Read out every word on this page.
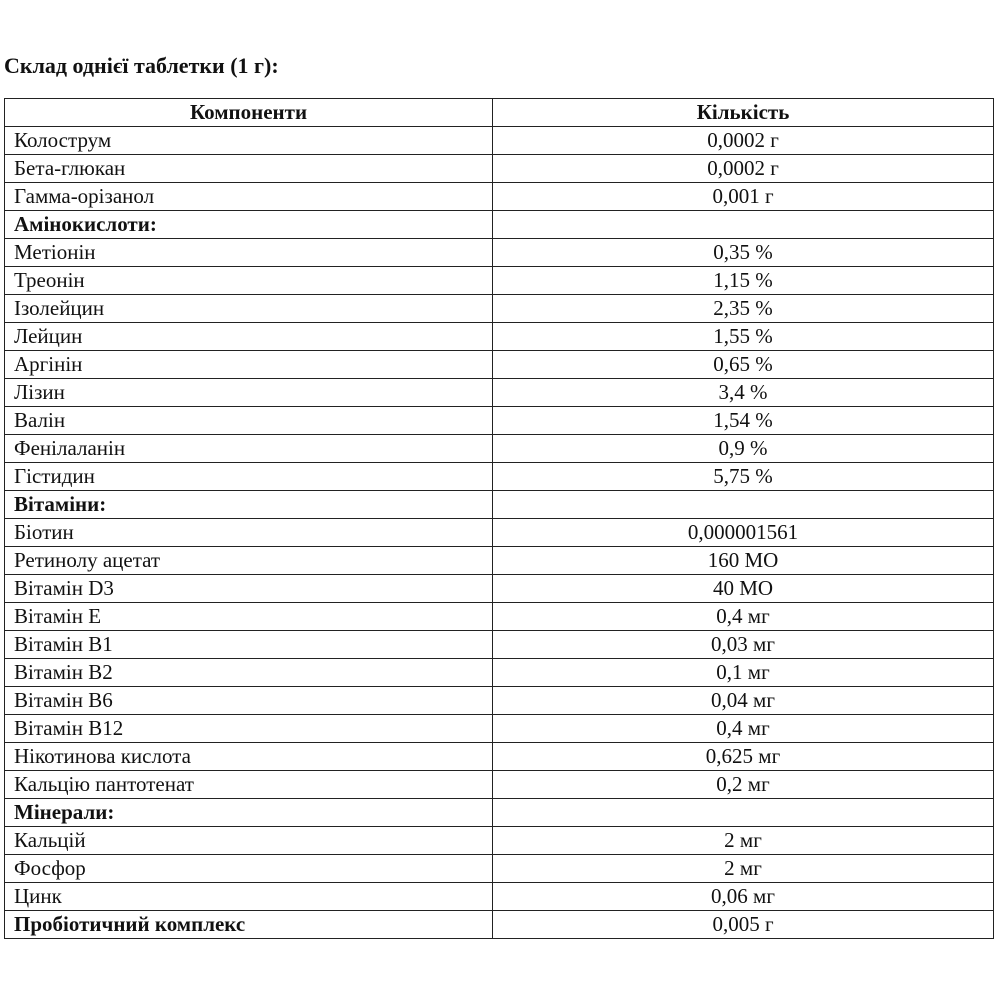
Склад однієї таблетки (1 г):
Компоненти	Кількість
Колострум	0,0002 г
Бета-глюкан	0,0002 г
Гамма-орізанол	0,001 г
Амінокислоти:	
Метіонін	0,35 %
Треонін	1,15 %
Ізолейцин	2,35 %
Лейцин	1,55 %
Аргінін	0,65 %
Лізин	3,4 %
Валін	1,54 %
Фенілаланін	0,9 %
Гістидин	5,75 %
Вітаміни:	
Біотин	0,000001561
Ретинолу ацетат	160 МО
Вітамін D3	40 МО
Вітамін Е	0,4 мг
Вітамін В1	0,03 мг
Вітамін В2	0,1 мг
Вітамін В6	0,04 мг
Вітамін В12	0,4 мг
Нікотинова кислота	0,625 мг
Кальцію пантотенат	0,2 мг
Мінерали:	
Кальцій	2 мг
Фосфор	2 мг
Цинк	0,06 мг
Пробіотичний комплекс	0,005 г
